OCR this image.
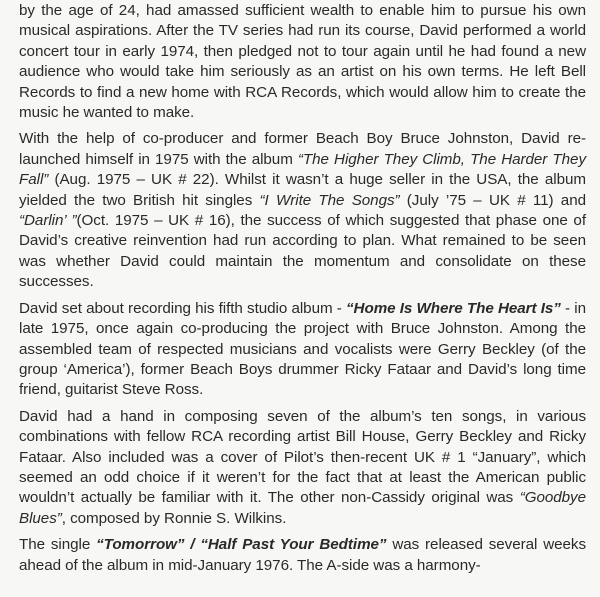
by the age of 24, had amassed sufficient wealth to enable him to pursue his own musical aspirations. After the TV series had run its course, David performed a world concert tour in early 1974, then pledged not to tour again until he had found a new audience who would take him seriously as an artist on his own terms. He left Bell Records to find a new home with RCA Records, which would allow him to create the music he wanted to make.

With the help of co-producer and former Beach Boy Bruce Johnston, David re-launched himself in 1975 with the album “The Higher They Climb, The Harder They Fall” (Aug. 1975 – UK # 22). Whilst it wasn’t a huge seller in the USA, the album yielded the two British hit singles “I Write The Songs” (July ’75 – UK # 11) and “Darlin’ ”(Oct. 1975 – UK # 16), the success of which suggested that phase one of David’s creative reinvention had run according to plan. What remained to be seen was whether David could maintain the momentum and consolidate on these successes.

David set about recording his fifth studio album - “Home Is Where The Heart Is” - in late 1975, once again co-producing the project with Bruce Johnston. Among the assembled team of respected musicians and vocalists were Gerry Beckley (of the group ‘America’), former Beach Boys drummer Ricky Fataar and David’s long time friend, guitarist Steve Ross.

David had a hand in composing seven of the album’s ten songs, in various combinations with fellow RCA recording artist Bill House, Gerry Beckley and Ricky Fataar. Also included was a cover of Pilot’s then-recent UK # 1 “January”, which seemed an odd choice if it weren’t for the fact that at least the American public wouldn’t actually be familiar with it. The other non-Cassidy original was “Goodbye Blues”, composed by Ronnie S. Wilkins.

The single “Tomorrow” / “Half Past Your Bedtime” was released several weeks ahead of the album in mid-January 1976. The A-side was a harmony-
